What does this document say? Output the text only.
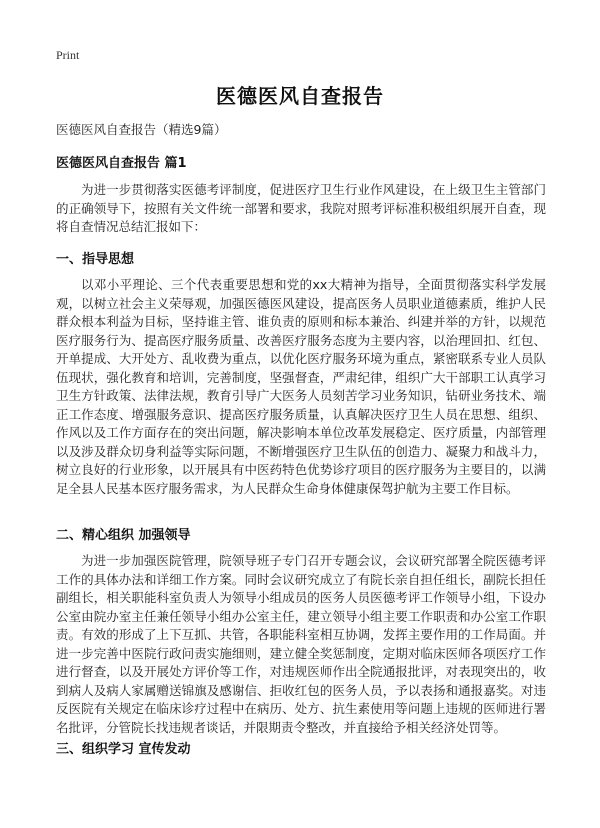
Print
医德医风自查报告
医德医风自查报告（精选9篇）
医德医风自查报告 篇1
为进一步贯彻落实医德考评制度，促进医疗卫生行业作风建设，在上级卫生主管部门的正确领导下，按照有关文件统一部署和要求，我院对照考评标准积极组织展开自查，现将自查情况总结汇报如下：
一、指导思想
以邓小平理论、三个代表重要思想和党的xx大精神为指导，全面贯彻落实科学发展观，以树立社会主义荣辱观，加强医德医风建设，提高医务人员职业道德素质，维护人民群众根本利益为目标，坚持谁主管、谁负责的原则和标本兼治、纠建并举的方针，以规范医疗服务行为、提高医疗服务质量、改善医疗服务态度为主要内容，以治理回扣、红包、开单提成、大开处方、乱收费为重点，以优化医疗服务环境为重点，紧密联系专业人员队伍现状，强化教育和培训，完善制度，坚强督查，严肃纪律，组织广大干部职工认真学习卫生方针政策、法律法规，教育引导广大医务人员刻苦学习业务知识，钻研业务技术、端正工作态度、增强服务意识、提高医疗服务质量，认真解决医疗卫生人员在思想、组织、作风以及工作方面存在的突出问题，解决影响本单位改革发展稳定、医疗质量，内部管理以及涉及群众切身利益等实际问题，不断增强医疗卫生队伍的创造力、凝聚力和战斗力，树立良好的行业形象，以开展具有中医药特色优势诊疗项目的医疗服务为主要目的，以满足全县人民基本医疗服务需求，为人民群众生命身体健康保驾护航为主要工作目标。
二、精心组织 加强领导
为进一步加强医院管理，院领导班子专门召开专题会议，会议研究部署全院医德考评工作的具体办法和详细工作方案。同时会议研究成立了有院长亲自担任组长，副院长担任副组长，相关职能科室负责人为领导小组成员的医务人员医德考评工作领导小组，下设办公室由院办室主任兼任领导小组办公室主任，建立领导小组主要工作职责和办公室工作职责。有效的形成了上下互抓、共管，各职能科室相互协调，发挥主要作用的工作局面。并进一步完善中医院行政问责实施细则，建立健全奖惩制度，定期对临床医师各项医疗工作进行督查，以及开展处方评价等工作，对违规医师作出全院通报批评，对表现突出的，收到病人及病人家属赠送锦旗及感谢信、拒收红包的医务人员，予以表扬和通报嘉奖。对违反医院有关规定在临床诊疗过程中在病历、处方、抗生素使用等问题上违规的医师进行署名批评，分管院长找违规者谈话，并限期责令整改，并直接给予相关经济处罚等。
三、组织学习 宣传发动
